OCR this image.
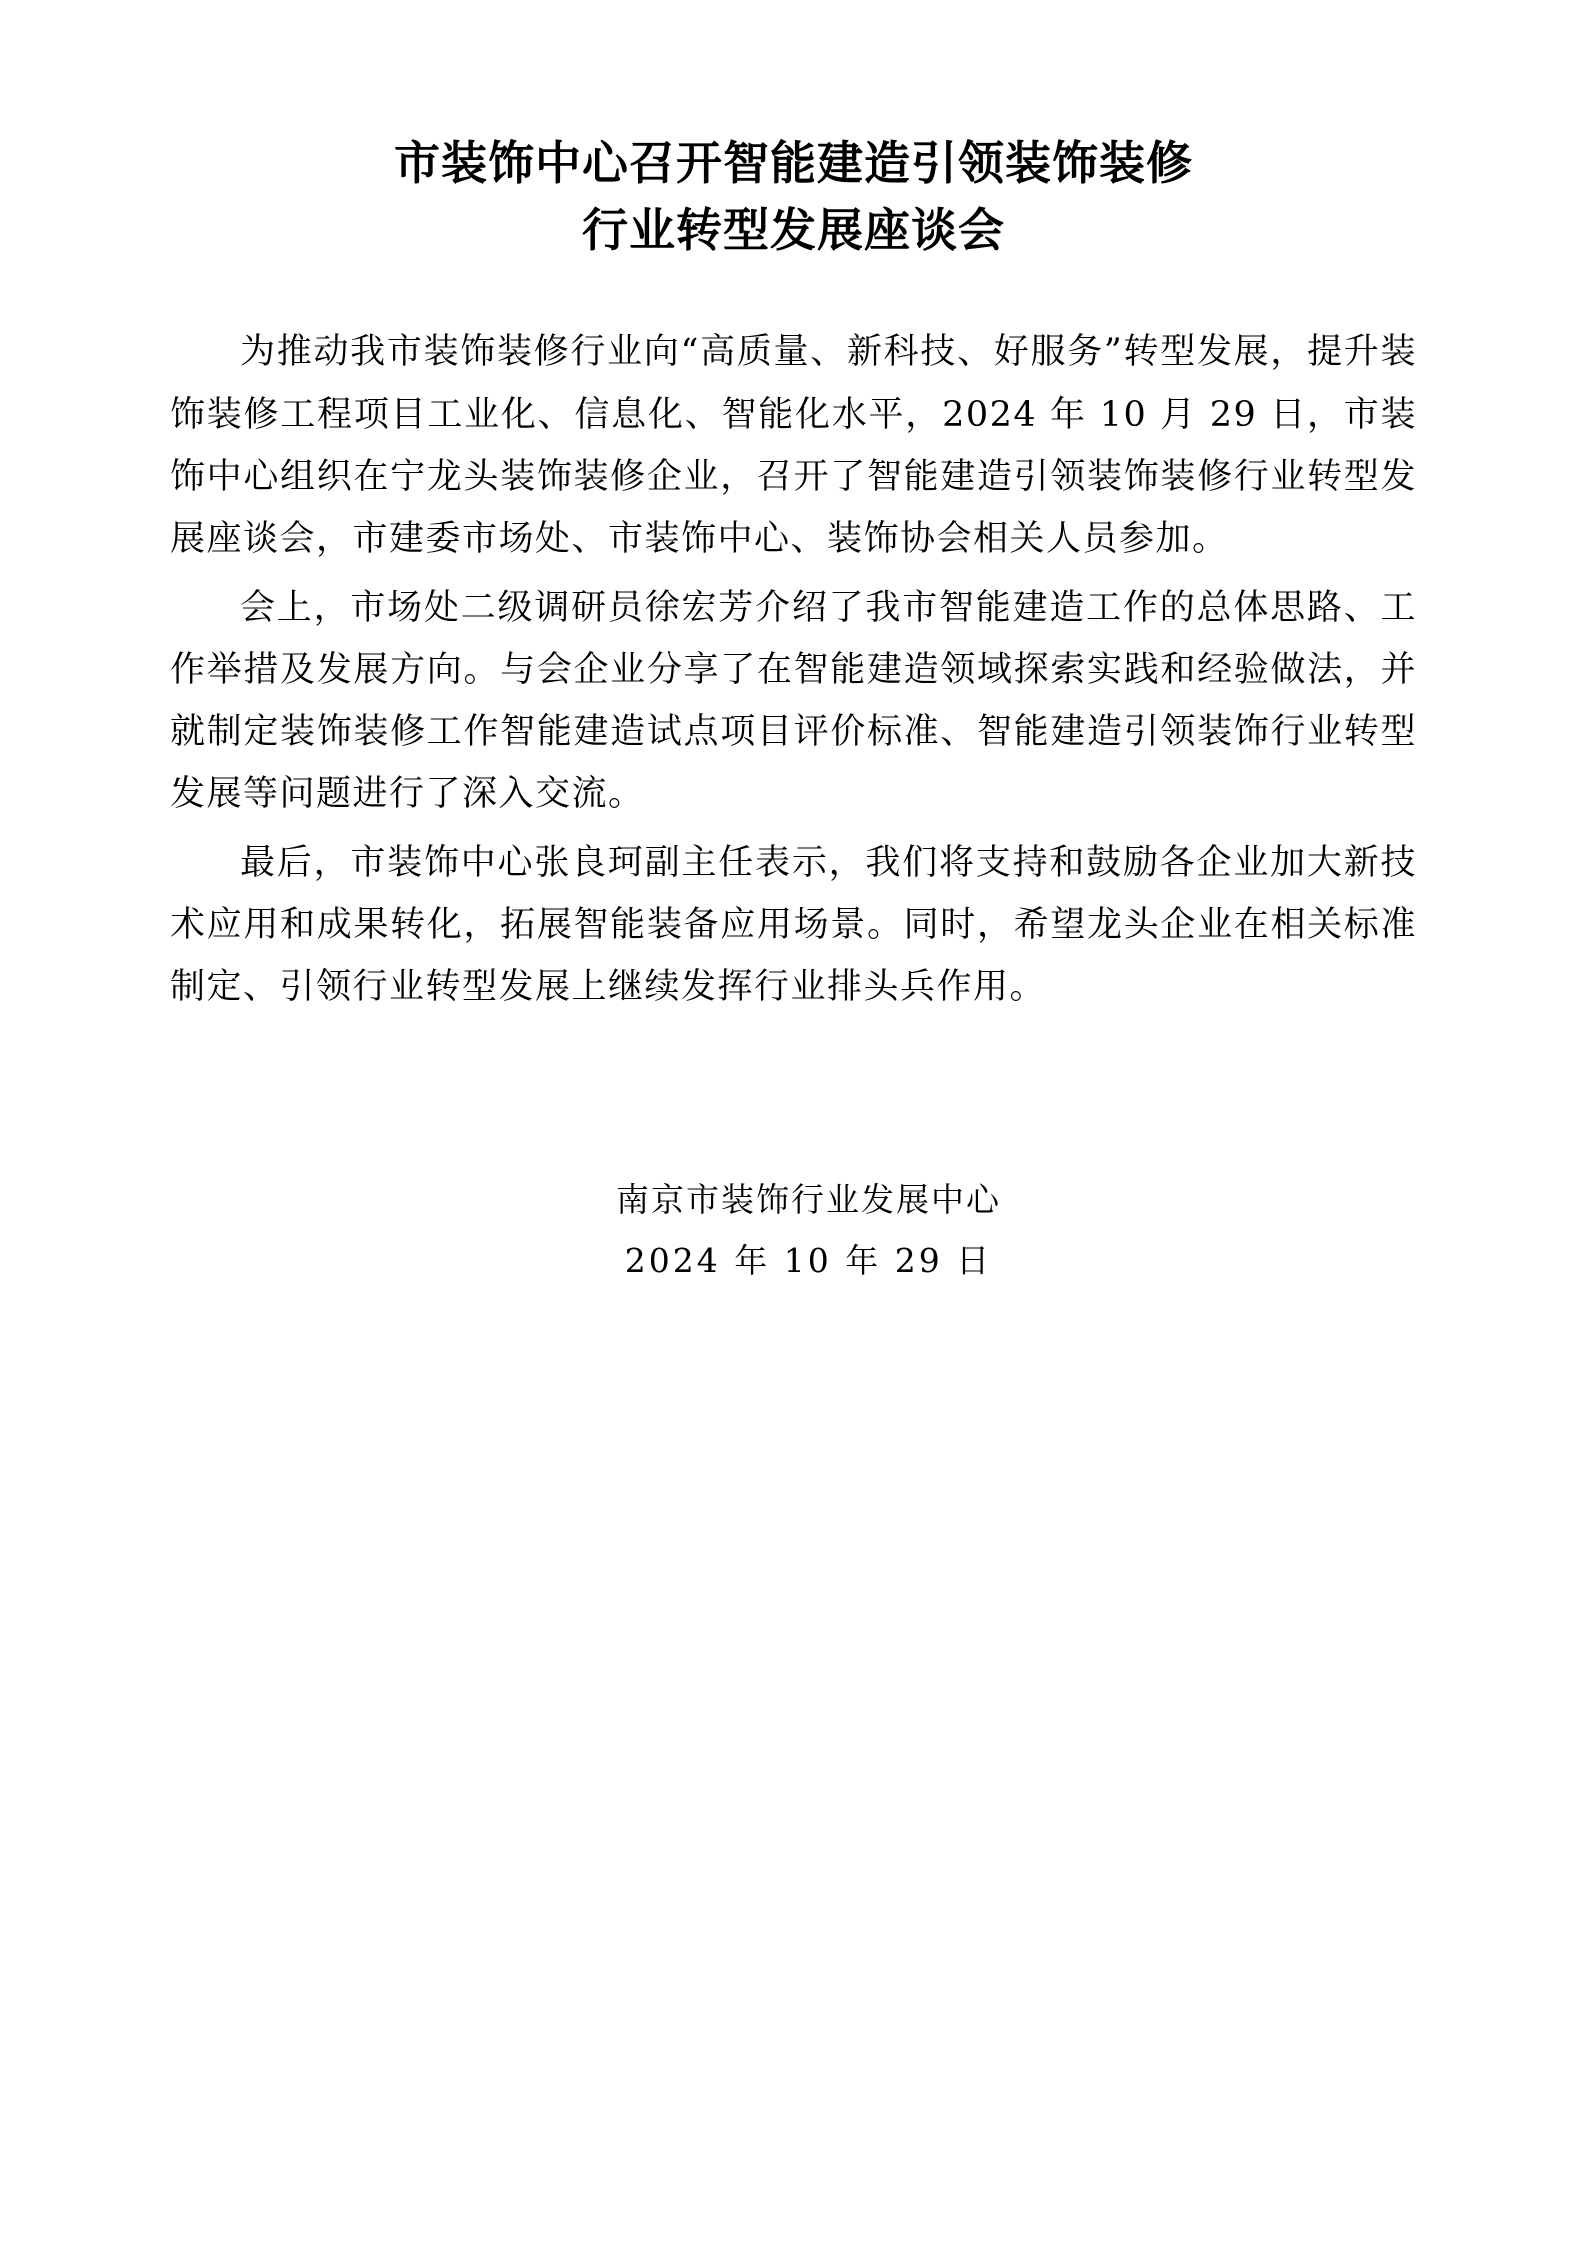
市装饰中心召开智能建造引领装饰装修
行业转型发展座谈会

为推动我市装饰装修行业向“高质量、新科技、好服务”转型发展，提升装饰装修工程项目工业化、信息化、智能化水平，2024 年 10 月 29 日，市装饰中心组织在宁龙头装饰装修企业，召开了智能建造引领装饰装修行业转型发展座谈会，市建委市场处、市装饰中心、装饰协会相关人员参加。

会上，市场处二级调研员徐宏芳介绍了我市智能建造工作的总体思路、工作举措及发展方向。与会企业分享了在智能建造领域探索实践和经验做法，并就制定装饰装修工作智能建造试点项目评价标准、智能建造引领装饰行业转型发展等问题进行了深入交流。

最后，市装饰中心张良珂副主任表示，我们将支持和鼓励各企业加大新技术应用和成果转化，拓展智能装备应用场景。同时，希望龙头企业在相关标准制定、引领行业转型发展上继续发挥行业排头兵作用。

南京市装饰行业发展中心
2024 年 10 年 29 日
